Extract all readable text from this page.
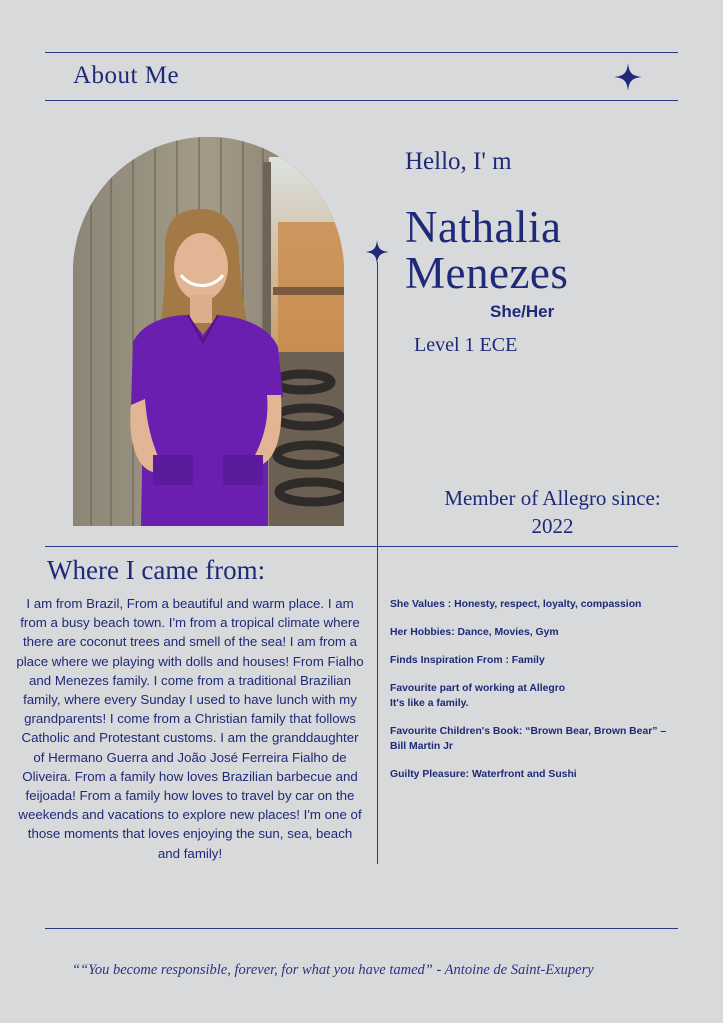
About Me
Hello, I' m
Nathalia
Menezes
She/Her
Level 1 ECE
Member of Allegro since:
2022
Where I came from:
I am from Brazil, From a beautiful and warm place. I am from a busy beach town. I'm from a tropical climate where there are coconut trees and smell of the sea! I am from a place where we playing with dolls and houses! From Fialho and Menezes family. I come from a traditional Brazilian family, where every Sunday I used to have lunch with my grandparents! I come from a Christian family that follows Catholic and Protestant customs. I am the granddaughter of Hermano Guerra and João José Ferreira Fialho de Oliveira. From a family how loves Brazilian barbecue and feijoada! From a family how loves to travel by car on the weekends and vacations to explore new places! I'm one of those moments that loves enjoying the sun, sea, beach and family!
She Values : Honesty, respect, loyalty, compassion
Her Hobbies: Dance, Movies, Gym
Finds Inspiration From : Family
Favourite part of working at Allegro
It's like a family.
Favourite Children's Book: “Brown Bear, Brown Bear” –
Bill Martin Jr
Guilty Pleasure: Waterfront and Sushi
““You become responsible, forever, for what you have tamed” - Antoine de Saint-Exupery
